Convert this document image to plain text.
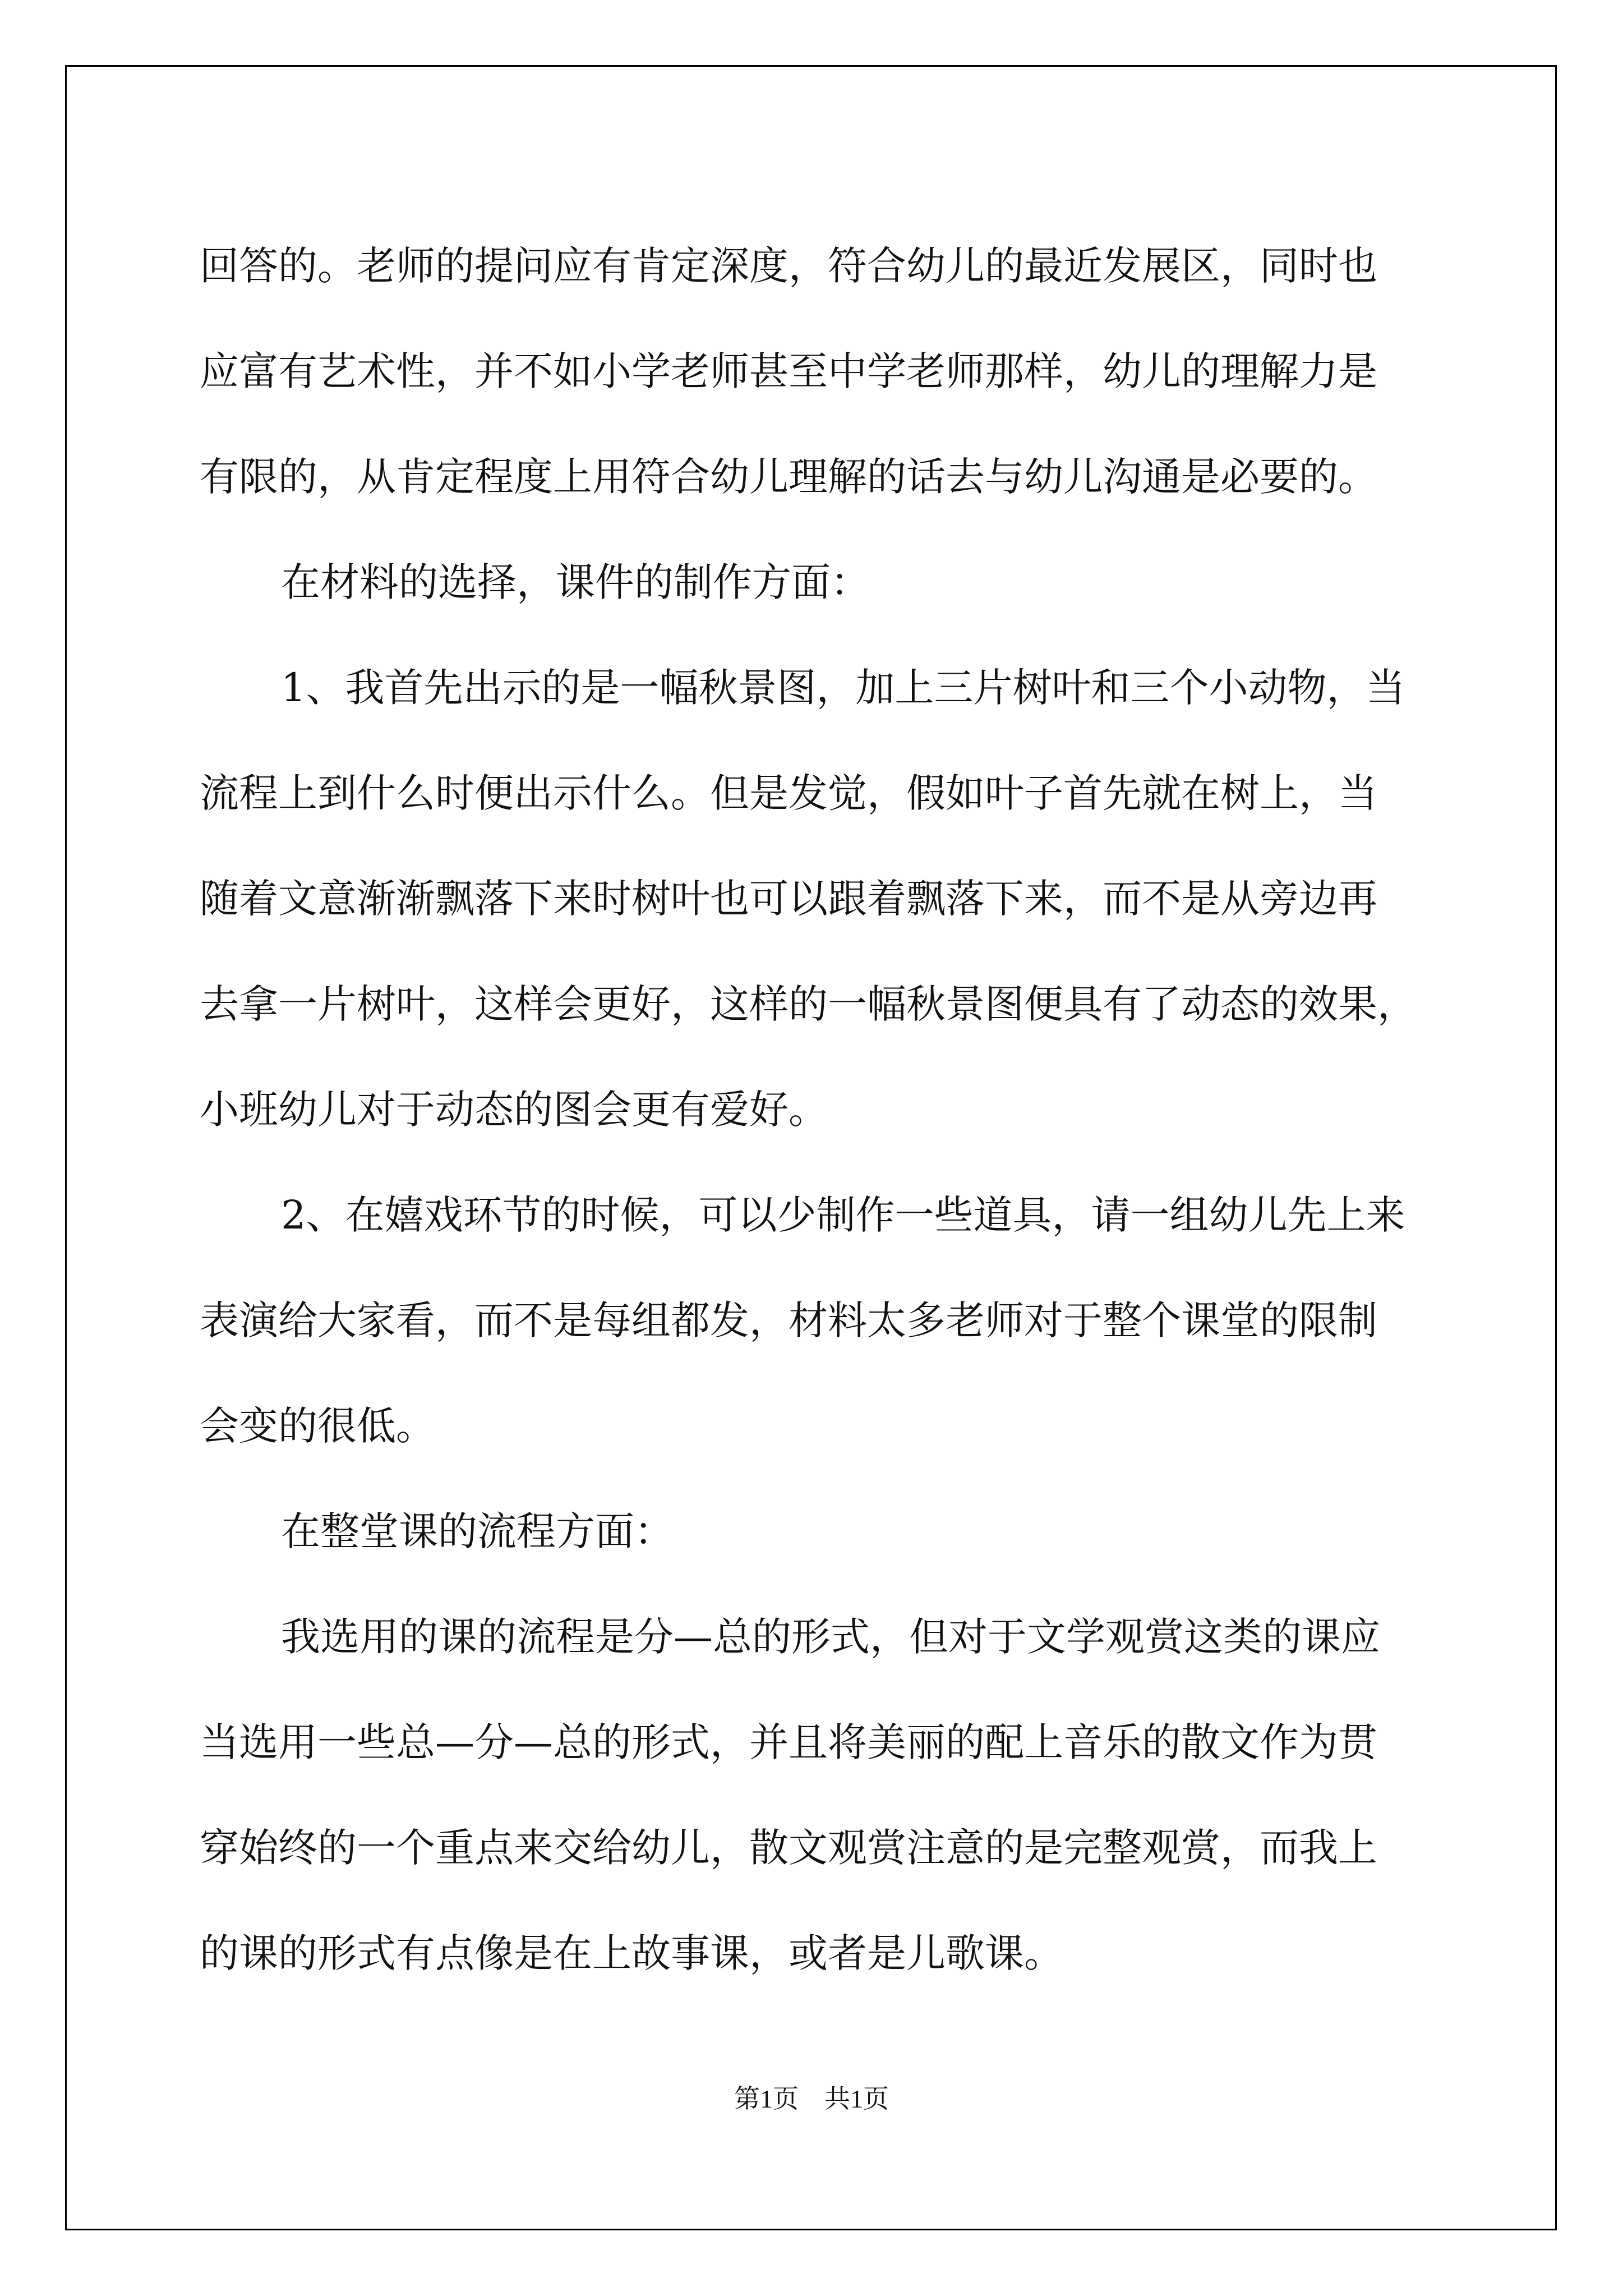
回答的。老师的提问应有肯定深度，符合幼儿的最近发展区，同时也
应富有艺术性，并不如小学老师甚至中学老师那样，幼儿的理解力是
有限的，从肯定程度上用符合幼儿理解的话去与幼儿沟通是必要的。

在材料的选择，课件的制作方面：

1、我首先出示的是一幅秋景图，加上三片树叶和三个小动物，当
流程上到什么时便出示什么。但是发觉，假如叶子首先就在树上，当
随着文意渐渐飘落下来时树叶也可以跟着飘落下来，而不是从旁边再
去拿一片树叶，这样会更好，这样的一幅秋景图便具有了动态的效果，
小班幼儿对于动态的图会更有爱好。

2、在嬉戏环节的时候，可以少制作一些道具，请一组幼儿先上来
表演给大家看，而不是每组都发，材料太多老师对于整个课堂的限制
会变的很低。

在整堂课的流程方面：

我选用的课的流程是分—总的形式，但对于文学观赏这类的课应
当选用一些总—分—总的形式，并且将美丽的配上音乐的散文作为贯
穿始终的一个重点来交给幼儿，散文观赏注意的是完整观赏，而我上
的课的形式有点像是在上故事课，或者是儿歌课。

第1页　共1页
